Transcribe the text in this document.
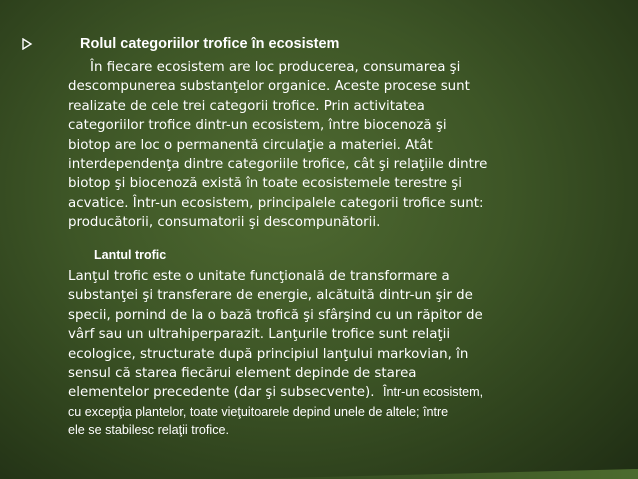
Rolul categoriilor trofice în ecosistem
În fiecare ecosistem are loc producerea, consumarea şi
descompunerea substanţelor organice. Aceste procese sunt
realizate de cele trei categorii trofice. Prin activitatea
categoriilor trofice dintr-un ecosistem, între biocenoză şi
biotop are loc o permanentă circulaţie a materiei. Atât
interdependenţa dintre categoriile trofice, cât şi relaţiile dintre
biotop şi biocenoză există în toate ecosistemele terestre şi
acvatice. Într-un ecosistem, principalele categorii trofice sunt:
producătorii, consumatorii şi descompunătorii.
Lantul trofic
Lanţul trofic este o unitate funcţională de transformare a
substanţei şi transferare de energie, alcătuită dintr-un şir de
specii, pornind de la o bază trofică şi sfârşind cu un răpitor de
vârf sau un ultrahiperparazit. Lanţurile trofice sunt relaţii
ecologice, structurate după principiul lanţului markovian, în
sensul că starea fiecărui element depinde de starea
elementelor precedente (dar şi subsecvente). Într-un ecosistem,
cu excepţia plantelor, toate vieţuitoarele depind unele de altele; între
ele se stabilesc relaţii trofice.
